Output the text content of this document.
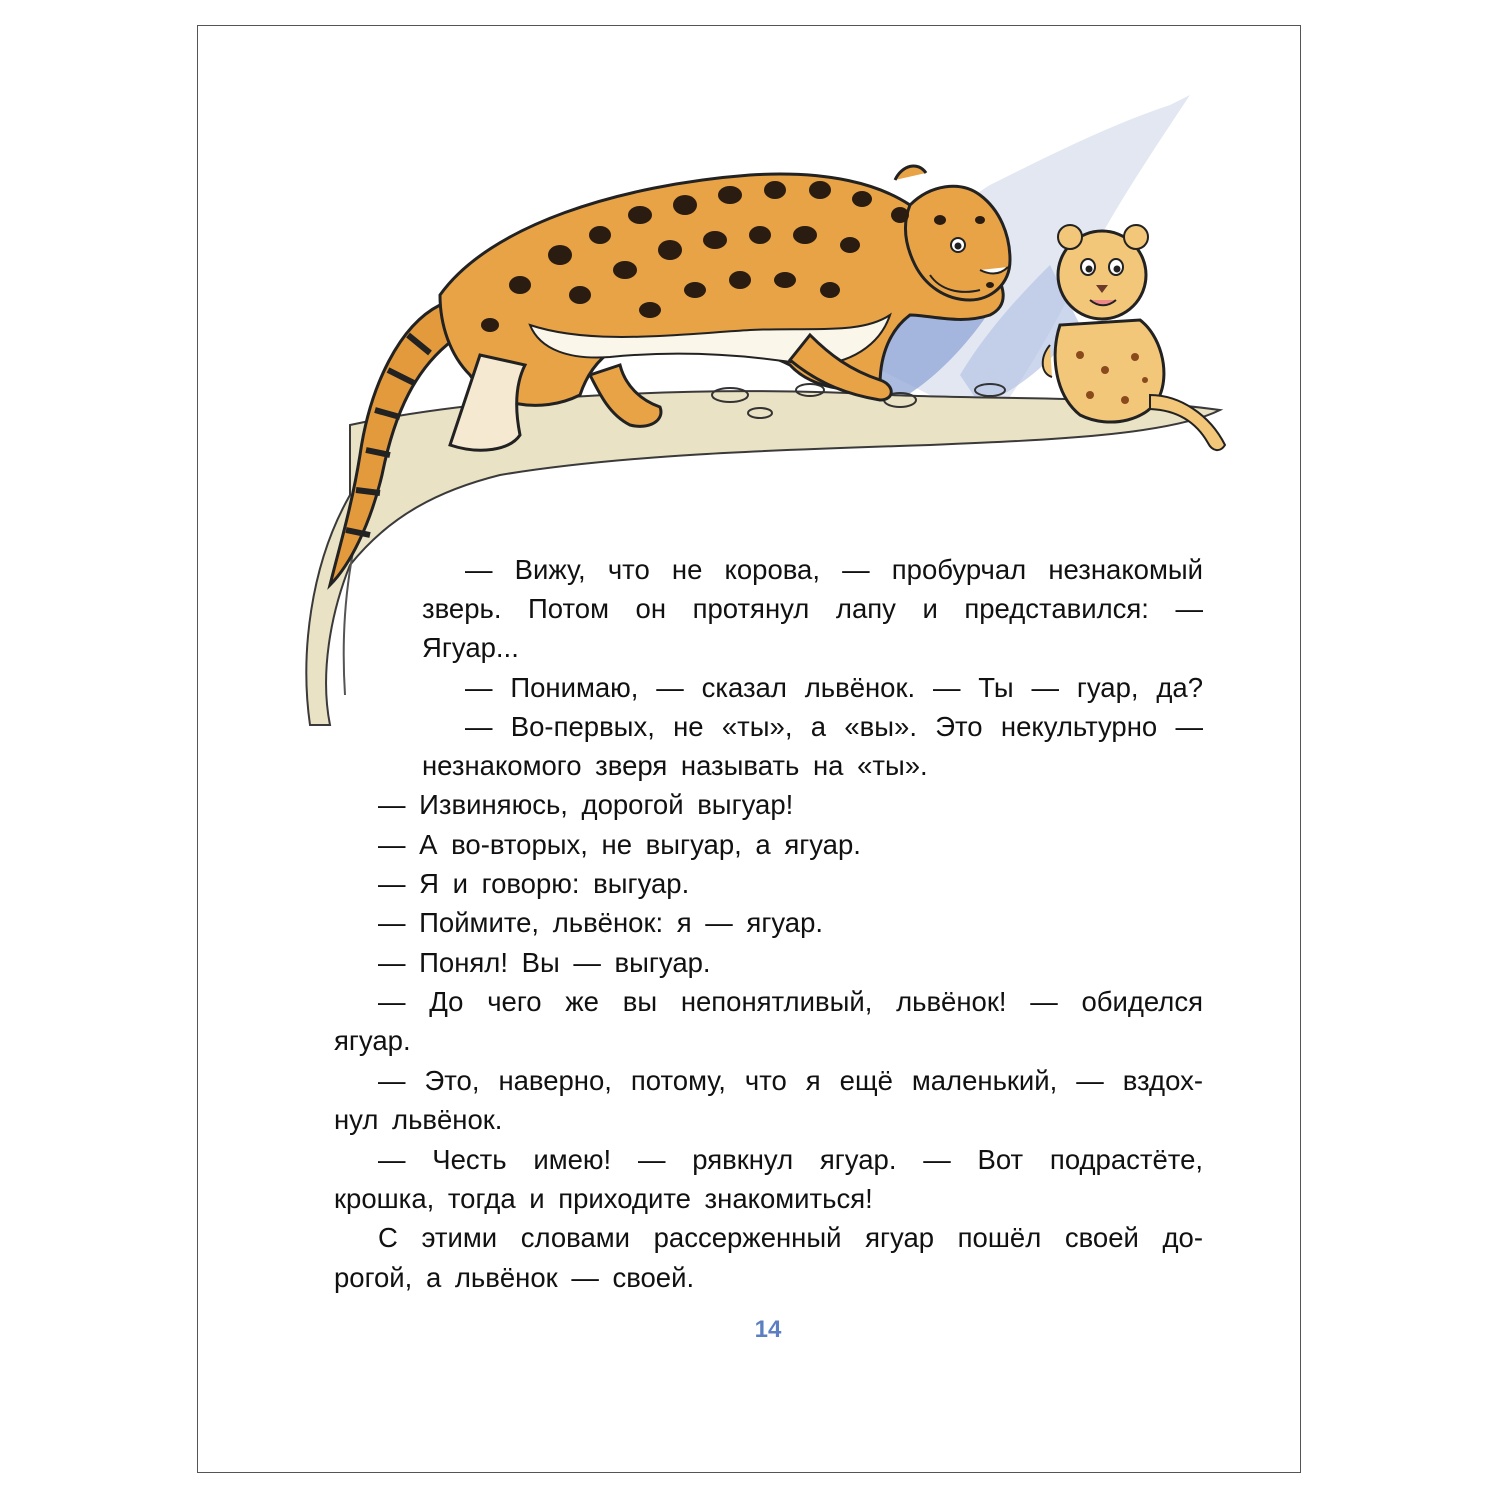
— Вижу, что не корова, — пробурчал незнакомый

зверь. Потом он протянул лапу и представился: —

Ягуар...

— Понимаю, — сказал львёнок. — Ты — гуар, да?

— Во-первых, не «ты», а «вы». Это некультурно —

незнакомого зверя называть на «ты».

— Извиняюсь, дорогой выгуар!

— А во-вторых, не выгуар, а ягуар.

— Я и говорю: выгуар.

— Поймите, львёнок: я — ягуар.

— Понял! Вы — выгуар.

— До чего же вы непонятливый, львёнок! — обиделся

ягуар.

— Это, наверно, потому, что я ещё маленький, — вздох-

нул львёнок.

— Честь имею! — рявкнул ягуар. — Вот подрастёте,

крошка, тогда и приходите знакомиться!

С этими словами рассерженный ягуар пошёл своей до-

рогой, а львёнок — своей.

14
